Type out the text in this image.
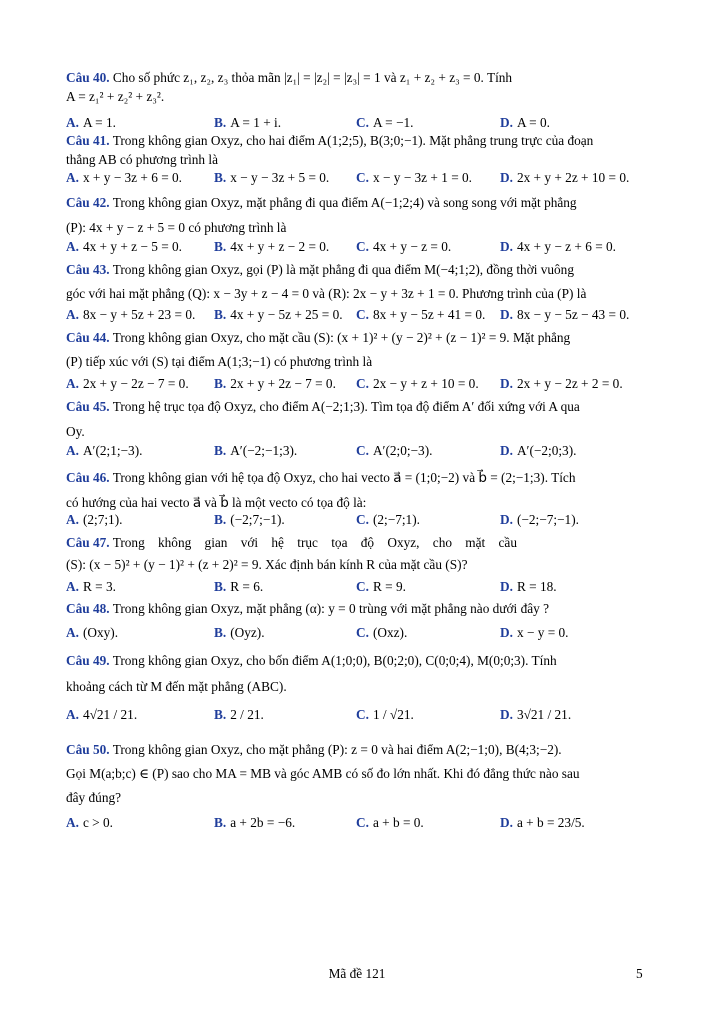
Câu 40. Cho số phức z₁, z₂, z₃ thỏa mãn |z₁| = |z₂| = |z₃| = 1 và z₁ + z₂ + z₃ = 0. Tính
A = z₁² + z₂² + z₃².
A. A = 1.	B. A = 1 + i.	C. A = −1.	D. A = 0.
Câu 41. Trong không gian Oxyz, cho hai điểm A(1;2;5), B(3;0;−1). Mặt phẳng trung trực của đoạn
thẳng AB có phương trình là
A. x + y − 3z + 6 = 0. B. x − y − 3z + 5 = 0. C. x − y − 3z + 1 = 0. D. 2x + y + 2z + 10 = 0.
Câu 42. Trong không gian Oxyz, mặt phẳng đi qua điểm A(−1;2;4) và song song với mặt phẳng
(P): 4x + y − z + 5 = 0 có phương trình là
A. 4x + y + z − 5 = 0. B. 4x + y + z − 2 = 0. C. 4x + y − z = 0.	D. 4x + y − z + 6 = 0.
Câu 43. Trong không gian Oxyz, gọi (P) là mặt phẳng đi qua điểm M(−4;1;2), đồng thời vuông
góc với hai mặt phẳng (Q): x − 3y + z − 4 = 0 và (R): 2x − y + 3z + 1 = 0. Phương trình của (P) là
A. 8x − y + 5z + 23 = 0. B. 4x + y − 5z + 25 = 0. C. 8x + y − 5z + 41 = 0. D. 8x − y − 5z − 43 = 0.
Câu 44. Trong không gian Oxyz, cho mặt cầu (S): (x + 1)² + (y − 2)² + (z − 1)² = 9. Mặt phẳng
(P) tiếp xúc với (S) tại điểm A(1;3;−1) có phương trình là
A. 2x + y − 2z − 7 = 0. B. 2x + y + 2z − 7 = 0. C. 2x − y + z + 10 = 0. D. 2x + y − 2z + 2 = 0.
Câu 45. Trong hệ trục tọa độ Oxyz, cho điểm A(−2;1;3). Tìm tọa độ điểm A′ đối xứng với A qua
Oy.
A. A′(2;1;−3).	B. A′(−2;−1;3).	C. A′(2;0;−3).	D. A′(−2;0;3).
Câu 46. Trong không gian với hệ tọa độ Oxyz, cho hai vecto a⃗ = (1;0;−2) và b⃗ = (2;−1;3). Tích
có hướng của hai vecto a⃗ và b⃗ là một vecto có tọa độ là:
A. (2;7;1).	B. (−2;7;−1).	C. (2;−7;1).	D. (−2;−7;−1).
Câu 47. Trong    không    gian    với    hệ    trục    tọa    độ    Oxyz,    cho    mặt    cầu
(S): (x − 5)² + (y − 1)² + (z + 2)² = 9. Xác định bán kính R của mặt cầu (S)?
A. R = 3.	B. R = 6.	C. R = 9.	D. R = 18.
Câu 48. Trong không gian Oxyz, mặt phẳng (α): y = 0 trùng với mặt phẳng nào dưới đây ?
A. (Oxy).	B. (Oyz).	C. (Oxz).	D. x − y = 0.
Câu 49. Trong không gian Oxyz, cho bốn điểm A(1;0;0), B(0;2;0), C(0;0;4), M(0;0;3). Tính
khoảng cách từ M đến mặt phẳng (ABC).
A. 4√21 / 21.	B. 2 / 21.	C. 1 / √21.	D. 3√21 / 21.
Câu 50. Trong không gian Oxyz, cho mặt phẳng (P): z = 0 và hai điểm A(2;−1;0), B(4;3;−2).
Gọi M(a;b;c) ∈ (P) sao cho MA = MB và góc AMB có số đo lớn nhất. Khi đó đẳng thức nào sau
đây đúng?
A. c > 0.	B. a + 2b = −6.	C. a + b = 0.	D. a + b = 23/5.
Mã đề 121	5
